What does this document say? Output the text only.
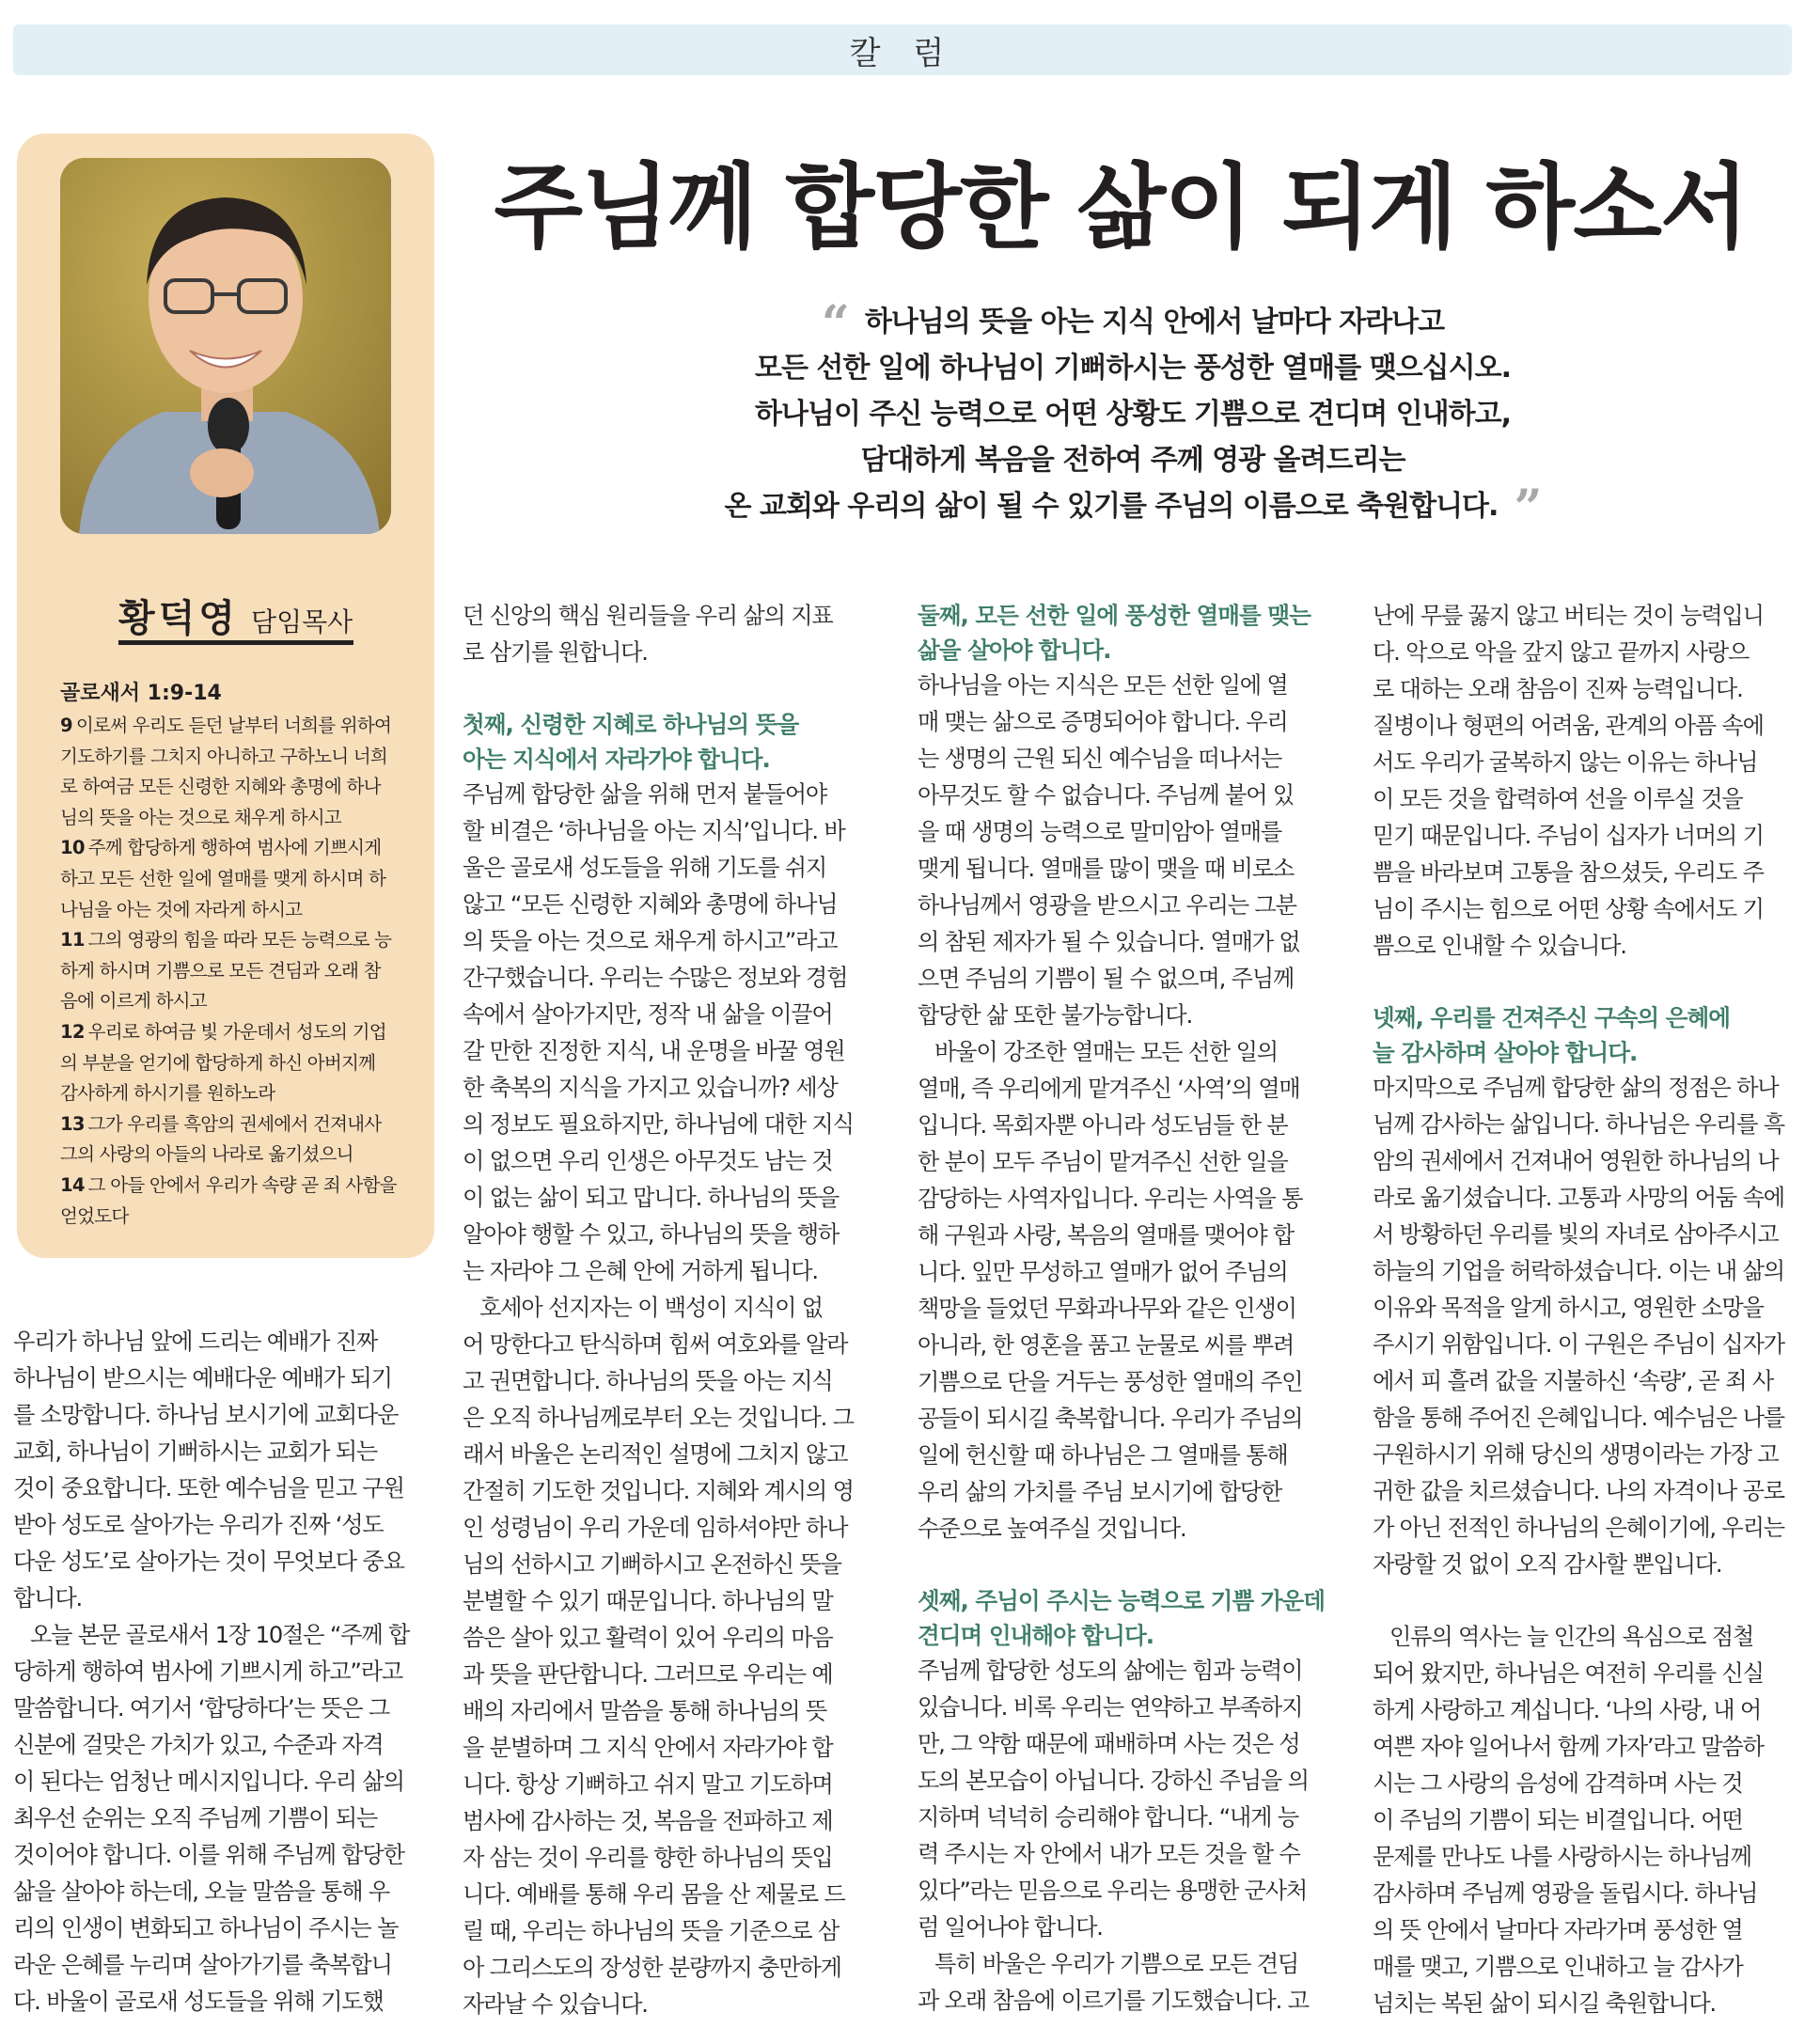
칼 럼
황덕영 담임목사
골로새서 1:9-14
9 이로써 우리도 듣던 날부터 너희를 위하여
기도하기를 그치지 아니하고 구하노니 너희
로 하여금 모든 신령한 지혜와 총명에 하나
님의 뜻을 아는 것으로 채우게 하시고
10 주께 합당하게 행하여 범사에 기쁘시게
하고 모든 선한 일에 열매를 맺게 하시며 하
나님을 아는 것에 자라게 하시고
11 그의 영광의 힘을 따라 모든 능력으로 능
하게 하시며 기쁨으로 모든 견딤과 오래 참
음에 이르게 하시고
12 우리로 하여금 빛 가운데서 성도의 기업
의 부분을 얻기에 합당하게 하신 아버지께
감사하게 하시기를 원하노라
13 그가 우리를 흑암의 권세에서 건져내사
그의 사랑의 아들의 나라로 옮기셨으니
14 그 아들 안에서 우리가 속량 곧 죄 사함을
얻었도다
주님께 합당한 삶이 되게 하소서
“ 하나님의 뜻을 아는 지식 안에서 날마다 자라나고
모든 선한 일에 하나님이 기뻐하시는 풍성한 열매를 맺으십시오.
하나님이 주신 능력으로 어떤 상황도 기쁨으로 견디며 인내하고,
담대하게 복음을 전하여 주께 영광 올려드리는
온 교회와 우리의 삶이 될 수 있기를 주님의 이름으로 축원합니다. ”
우리가 하나님 앞에 드리는 예배가 진짜
하나님이 받으시는 예배다운 예배가 되기
를 소망합니다. 하나님 보시기에 교회다운
교회, 하나님이 기뻐하시는 교회가 되는
것이 중요합니다. 또한 예수님을 믿고 구원
받아 성도로 살아가는 우리가 진짜 ‘성도
다운 성도’로 살아가는 것이 무엇보다 중요
합니다.
오늘 본문 골로새서 1장 10절은 “주께 합
당하게 행하여 범사에 기쁘시게 하고”라고
말씀합니다. 여기서 ‘합당하다’는 뜻은 그
신분에 걸맞은 가치가 있고, 수준과 자격
이 된다는 엄청난 메시지입니다. 우리 삶의
최우선 순위는 오직 주님께 기쁨이 되는
것이어야 합니다. 이를 위해 주님께 합당한
삶을 살아야 하는데, 오늘 말씀을 통해 우
리의 인생이 변화되고 하나님이 주시는 놀
라운 은혜를 누리며 살아가기를 축복합니
다. 바울이 골로새 성도들을 위해 기도했
던 신앙의 핵심 원리들을 우리 삶의 지표
로 삼기를 원합니다.
첫째, 신령한 지혜로 하나님의 뜻을
아는 지식에서 자라가야 합니다.
주님께 합당한 삶을 위해 먼저 붙들어야
할 비결은 ‘하나님을 아는 지식’입니다. 바
울은 골로새 성도들을 위해 기도를 쉬지
않고 “모든 신령한 지혜와 총명에 하나님
의 뜻을 아는 것으로 채우게 하시고”라고
간구했습니다. 우리는 수많은 정보와 경험
속에서 살아가지만, 정작 내 삶을 이끌어
갈 만한 진정한 지식, 내 운명을 바꿀 영원
한 축복의 지식을 가지고 있습니까? 세상
의 정보도 필요하지만, 하나님에 대한 지식
이 없으면 우리 인생은 아무것도 남는 것
이 없는 삶이 되고 맙니다. 하나님의 뜻을
알아야 행할 수 있고, 하나님의 뜻을 행하
는 자라야 그 은혜 안에 거하게 됩니다.
호세아 선지자는 이 백성이 지식이 없
어 망한다고 탄식하며 힘써 여호와를 알라
고 권면합니다. 하나님의 뜻을 아는 지식
은 오직 하나님께로부터 오는 것입니다. 그
래서 바울은 논리적인 설명에 그치지 않고
간절히 기도한 것입니다. 지혜와 계시의 영
인 성령님이 우리 가운데 임하셔야만 하나
님의 선하시고 기뻐하시고 온전하신 뜻을
분별할 수 있기 때문입니다. 하나님의 말
씀은 살아 있고 활력이 있어 우리의 마음
과 뜻을 판단합니다. 그러므로 우리는 예
배의 자리에서 말씀을 통해 하나님의 뜻
을 분별하며 그 지식 안에서 자라가야 합
니다. 항상 기뻐하고 쉬지 말고 기도하며
범사에 감사하는 것, 복음을 전파하고 제
자 삼는 것이 우리를 향한 하나님의 뜻입
니다. 예배를 통해 우리 몸을 산 제물로 드
릴 때, 우리는 하나님의 뜻을 기준으로 삼
아 그리스도의 장성한 분량까지 충만하게
자라날 수 있습니다.
둘째, 모든 선한 일에 풍성한 열매를 맺는
삶을 살아야 합니다.
하나님을 아는 지식은 모든 선한 일에 열
매 맺는 삶으로 증명되어야 합니다. 우리
는 생명의 근원 되신 예수님을 떠나서는
아무것도 할 수 없습니다. 주님께 붙어 있
을 때 생명의 능력으로 말미암아 열매를
맺게 됩니다. 열매를 많이 맺을 때 비로소
하나님께서 영광을 받으시고 우리는 그분
의 참된 제자가 될 수 있습니다. 열매가 없
으면 주님의 기쁨이 될 수 없으며, 주님께
합당한 삶 또한 불가능합니다.
바울이 강조한 열매는 모든 선한 일의
열매, 즉 우리에게 맡겨주신 ‘사역’의 열매
입니다. 목회자뿐 아니라 성도님들 한 분
한 분이 모두 주님이 맡겨주신 선한 일을
감당하는 사역자입니다. 우리는 사역을 통
해 구원과 사랑, 복음의 열매를 맺어야 합
니다. 잎만 무성하고 열매가 없어 주님의
책망을 들었던 무화과나무와 같은 인생이
아니라, 한 영혼을 품고 눈물로 씨를 뿌려
기쁨으로 단을 거두는 풍성한 열매의 주인
공들이 되시길 축복합니다. 우리가 주님의
일에 헌신할 때 하나님은 그 열매를 통해
우리 삶의 가치를 주님 보시기에 합당한
수준으로 높여주실 것입니다.
셋째, 주님이 주시는 능력으로 기쁨 가운데
견디며 인내해야 합니다.
주님께 합당한 성도의 삶에는 힘과 능력이
있습니다. 비록 우리는 연약하고 부족하지
만, 그 약함 때문에 패배하며 사는 것은 성
도의 본모습이 아닙니다. 강하신 주님을 의
지하며 넉넉히 승리해야 합니다. “내게 능
력 주시는 자 안에서 내가 모든 것을 할 수
있다”라는 믿음으로 우리는 용맹한 군사처
럼 일어나야 합니다.
특히 바울은 우리가 기쁨으로 모든 견딤
과 오래 참음에 이르기를 기도했습니다. 고
난에 무릎 꿇지 않고 버티는 것이 능력입니
다. 악으로 악을 갚지 않고 끝까지 사랑으
로 대하는 오래 참음이 진짜 능력입니다.
질병이나 형편의 어려움, 관계의 아픔 속에
서도 우리가 굴복하지 않는 이유는 하나님
이 모든 것을 합력하여 선을 이루실 것을
믿기 때문입니다. 주님이 십자가 너머의 기
쁨을 바라보며 고통을 참으셨듯, 우리도 주
님이 주시는 힘으로 어떤 상황 속에서도 기
쁨으로 인내할 수 있습니다.
넷째, 우리를 건져주신 구속의 은혜에
늘 감사하며 살아야 합니다.
마지막으로 주님께 합당한 삶의 정점은 하나
님께 감사하는 삶입니다. 하나님은 우리를 흑
암의 권세에서 건져내어 영원한 하나님의 나
라로 옮기셨습니다. 고통과 사망의 어둠 속에
서 방황하던 우리를 빛의 자녀로 삼아주시고
하늘의 기업을 허락하셨습니다. 이는 내 삶의
이유와 목적을 알게 하시고, 영원한 소망을
주시기 위함입니다. 이 구원은 주님이 십자가
에서 피 흘려 값을 지불하신 ‘속량’, 곧 죄 사
함을 통해 주어진 은혜입니다. 예수님은 나를
구원하시기 위해 당신의 생명이라는 가장 고
귀한 값을 치르셨습니다. 나의 자격이나 공로
가 아닌 전적인 하나님의 은혜이기에, 우리는
자랑할 것 없이 오직 감사할 뿐입니다.
인류의 역사는 늘 인간의 욕심으로 점철
되어 왔지만, 하나님은 여전히 우리를 신실
하게 사랑하고 계십니다. ‘나의 사랑, 내 어
여쁜 자야 일어나서 함께 가자’라고 말씀하
시는 그 사랑의 음성에 감격하며 사는 것
이 주님의 기쁨이 되는 비결입니다. 어떤
문제를 만나도 나를 사랑하시는 하나님께
감사하며 주님께 영광을 돌립시다. 하나님
의 뜻 안에서 날마다 자라가며 풍성한 열
매를 맺고, 기쁨으로 인내하고 늘 감사가
넘치는 복된 삶이 되시길 축원합니다.
